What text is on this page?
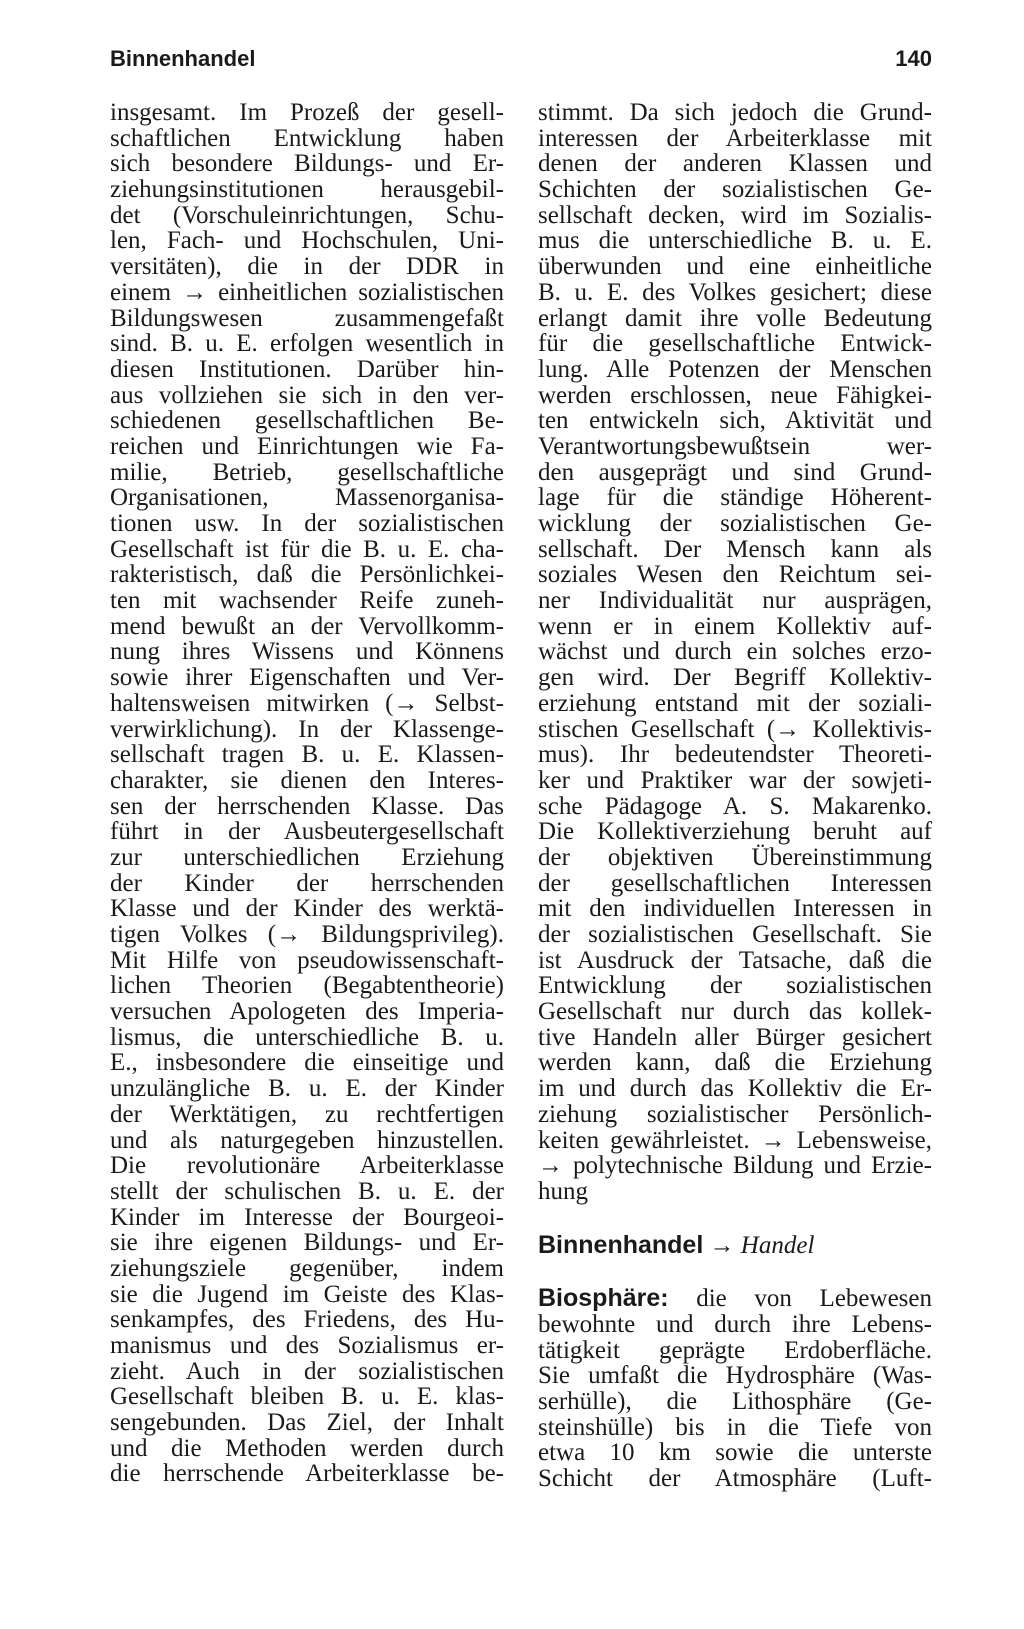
Binnenhandel	140
insgesamt. Im Prozeß der gesell-
schaftlichen Entwicklung haben
sich besondere Bildungs- und Er-
ziehungsinstitutionen herausgebil-
det (Vorschuleinrichtungen, Schu-
len, Fach- und Hochschulen, Uni-
versitäten), die in der DDR in
einem → einheitlichen sozialistischen
Bildungswesen zusammengefaßt
sind. B. u. E. erfolgen wesentlich in
diesen Institutionen. Darüber hin-
aus vollziehen sie sich in den ver-
schiedenen gesellschaftlichen Be-
reichen und Einrichtungen wie Fa-
milie, Betrieb, gesellschaftliche
Organisationen, Massenorganisa-
tionen usw. In der sozialistischen
Gesellschaft ist für die B. u. E. cha-
rakteristisch, daß die Persönlichkei-
ten mit wachsender Reife zuneh-
mend bewußt an der Vervollkomm-
nung ihres Wissens und Könnens
sowie ihrer Eigenschaften und Ver-
haltensweisen mitwirken (→ Selbst-
verwirklichung). In der Klassenge-
sellschaft tragen B. u. E. Klassen-
charakter, sie dienen den Interes-
sen der herrschenden Klasse. Das
führt in der Ausbeutergesellschaft
zur unterschiedlichen Erziehung
der Kinder der herrschenden
Klasse und der Kinder des werktä-
tigen Volkes (→ Bildungsprivileg).
Mit Hilfe von pseudowissenschaft-
lichen Theorien (Begabtentheorie)
versuchen Apologeten des Imperia-
lismus, die unterschiedliche B. u.
E., insbesondere die einseitige und
unzulängliche B. u. E. der Kinder
der Werktätigen, zu rechtfertigen
und als naturgegeben hinzustellen.
Die revolutionäre Arbeiterklasse
stellt der schulischen B. u. E. der
Kinder im Interesse der Bourgeoi-
sie ihre eigenen Bildungs- und Er-
ziehungsziele gegenüber, indem
sie die Jugend im Geiste des Klas-
senkampfes, des Friedens, des Hu-
manismus und des Sozialismus er-
zieht. Auch in der sozialistischen
Gesellschaft bleiben B. u. E. klas-
sengebunden. Das Ziel, der Inhalt
und die Methoden werden durch
die herrschende Arbeiterklasse be-
stimmt. Da sich jedoch die Grund-
interessen der Arbeiterklasse mit
denen der anderen Klassen und
Schichten der sozialistischen Ge-
sellschaft decken, wird im Sozialis-
mus die unterschiedliche B. u. E.
überwunden und eine einheitliche
B. u. E. des Volkes gesichert; diese
erlangt damit ihre volle Bedeutung
für die gesellschaftliche Entwick-
lung. Alle Potenzen der Menschen
werden erschlossen, neue Fähigkei-
ten entwickeln sich, Aktivität und
Verantwortungsbewußtsein wer-
den ausgeprägt und sind Grund-
lage für die ständige Höherent-
wicklung der sozialistischen Ge-
sellschaft. Der Mensch kann als
soziales Wesen den Reichtum sei-
ner Individualität nur ausprägen,
wenn er in einem Kollektiv auf-
wächst und durch ein solches erzo-
gen wird. Der Begriff Kollektiv-
erziehung entstand mit der soziali-
stischen Gesellschaft (→ Kollektivis-
mus). Ihr bedeutendster Theoreti-
ker und Praktiker war der sowjeti-
sche Pädagoge A. S. Makarenko.
Die Kollektiverziehung beruht auf
der objektiven Übereinstimmung
der gesellschaftlichen Interessen
mit den individuellen Interessen in
der sozialistischen Gesellschaft. Sie
ist Ausdruck der Tatsache, daß die
Entwicklung der sozialistischen
Gesellschaft nur durch das kollek-
tive Handeln aller Bürger gesichert
werden kann, daß die Erziehung
im und durch das Kollektiv die Er-
ziehung sozialistischer Persönlich-
keiten gewährleistet. → Lebensweise,
→ polytechnische Bildung und Erzie-
hung
Binnenhandel → Handel
Biosphäre: die von Lebewesen
bewohnte und durch ihre Lebens-
tätigkeit geprägte Erdoberfläche.
Sie umfaßt die Hydrosphäre (Was-
serhülle), die Lithosphäre (Ge-
steinshülle) bis in die Tiefe von
etwa 10 km sowie die unterste
Schicht der Atmosphäre (Luft-
